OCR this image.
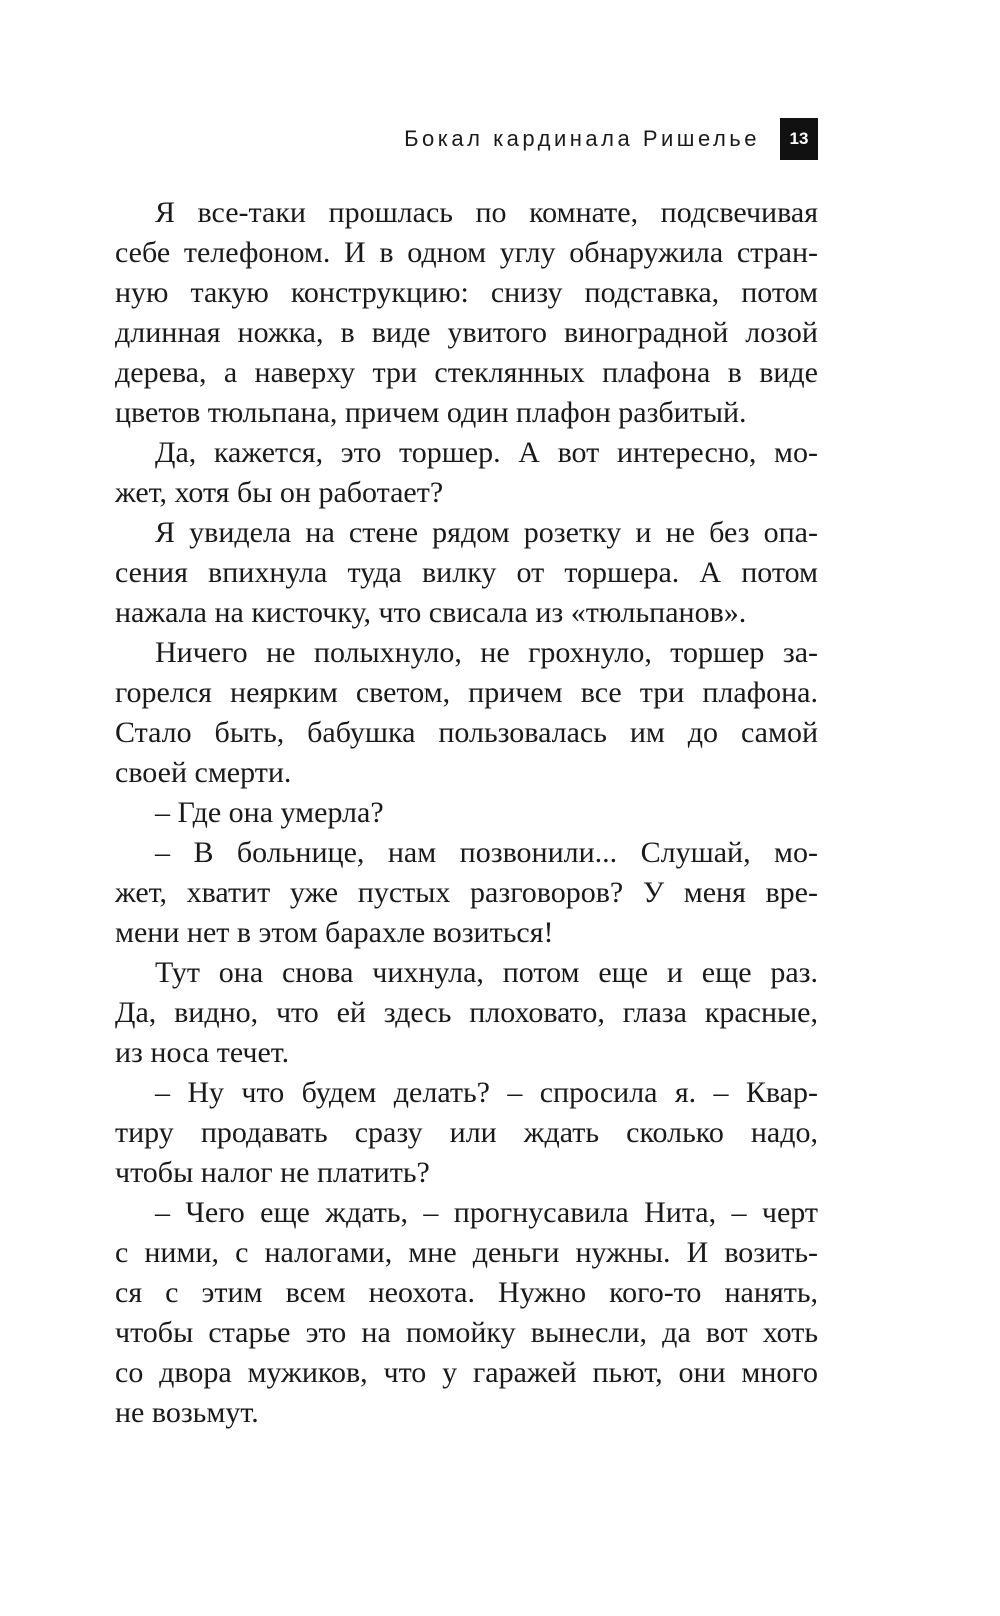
Бокал кардинала Ришелье	13
Я все-таки прошлась по комнате, подсвечивая
себе телефоном. И в одном углу обнаружила стран-
ную такую конструкцию: снизу подставка, потом
длинная ножка, в виде увитого виноградной лозой
дерева, а наверху три стеклянных плафона в виде
цветов тюльпана, причем один плафон разбитый.
Да, кажется, это торшер. А вот интересно, мо-
жет, хотя бы он работает?
Я увидела на стене рядом розетку и не без опа-
сения впихнула туда вилку от торшера. А потом
нажала на кисточку, что свисала из «тюльпанов».
Ничего не полыхнуло, не грохнуло, торшер за-
горелся неярким светом, причем все три плафона.
Стало быть, бабушка пользовалась им до самой
своей смерти.
– Где она умерла?
– В больнице, нам позвонили... Слушай, мо-
жет, хватит уже пустых разговоров? У меня вре-
мени нет в этом барахле возиться!
Тут она снова чихнула, потом еще и еще раз.
Да, видно, что ей здесь плоховато, глаза красные,
из носа течет.
– Ну что будем делать? – спросила я. – Квар-
тиру продавать сразу или ждать сколько надо,
чтобы налог не платить?
– Чего еще ждать, – прогнусавила Нита, – черт
с ними, с налогами, мне деньги нужны. И возить-
ся с этим всем неохота. Нужно кого-то нанять,
чтобы старье это на помойку вынесли, да вот хоть
со двора мужиков, что у гаражей пьют, они много
не возьмут.
